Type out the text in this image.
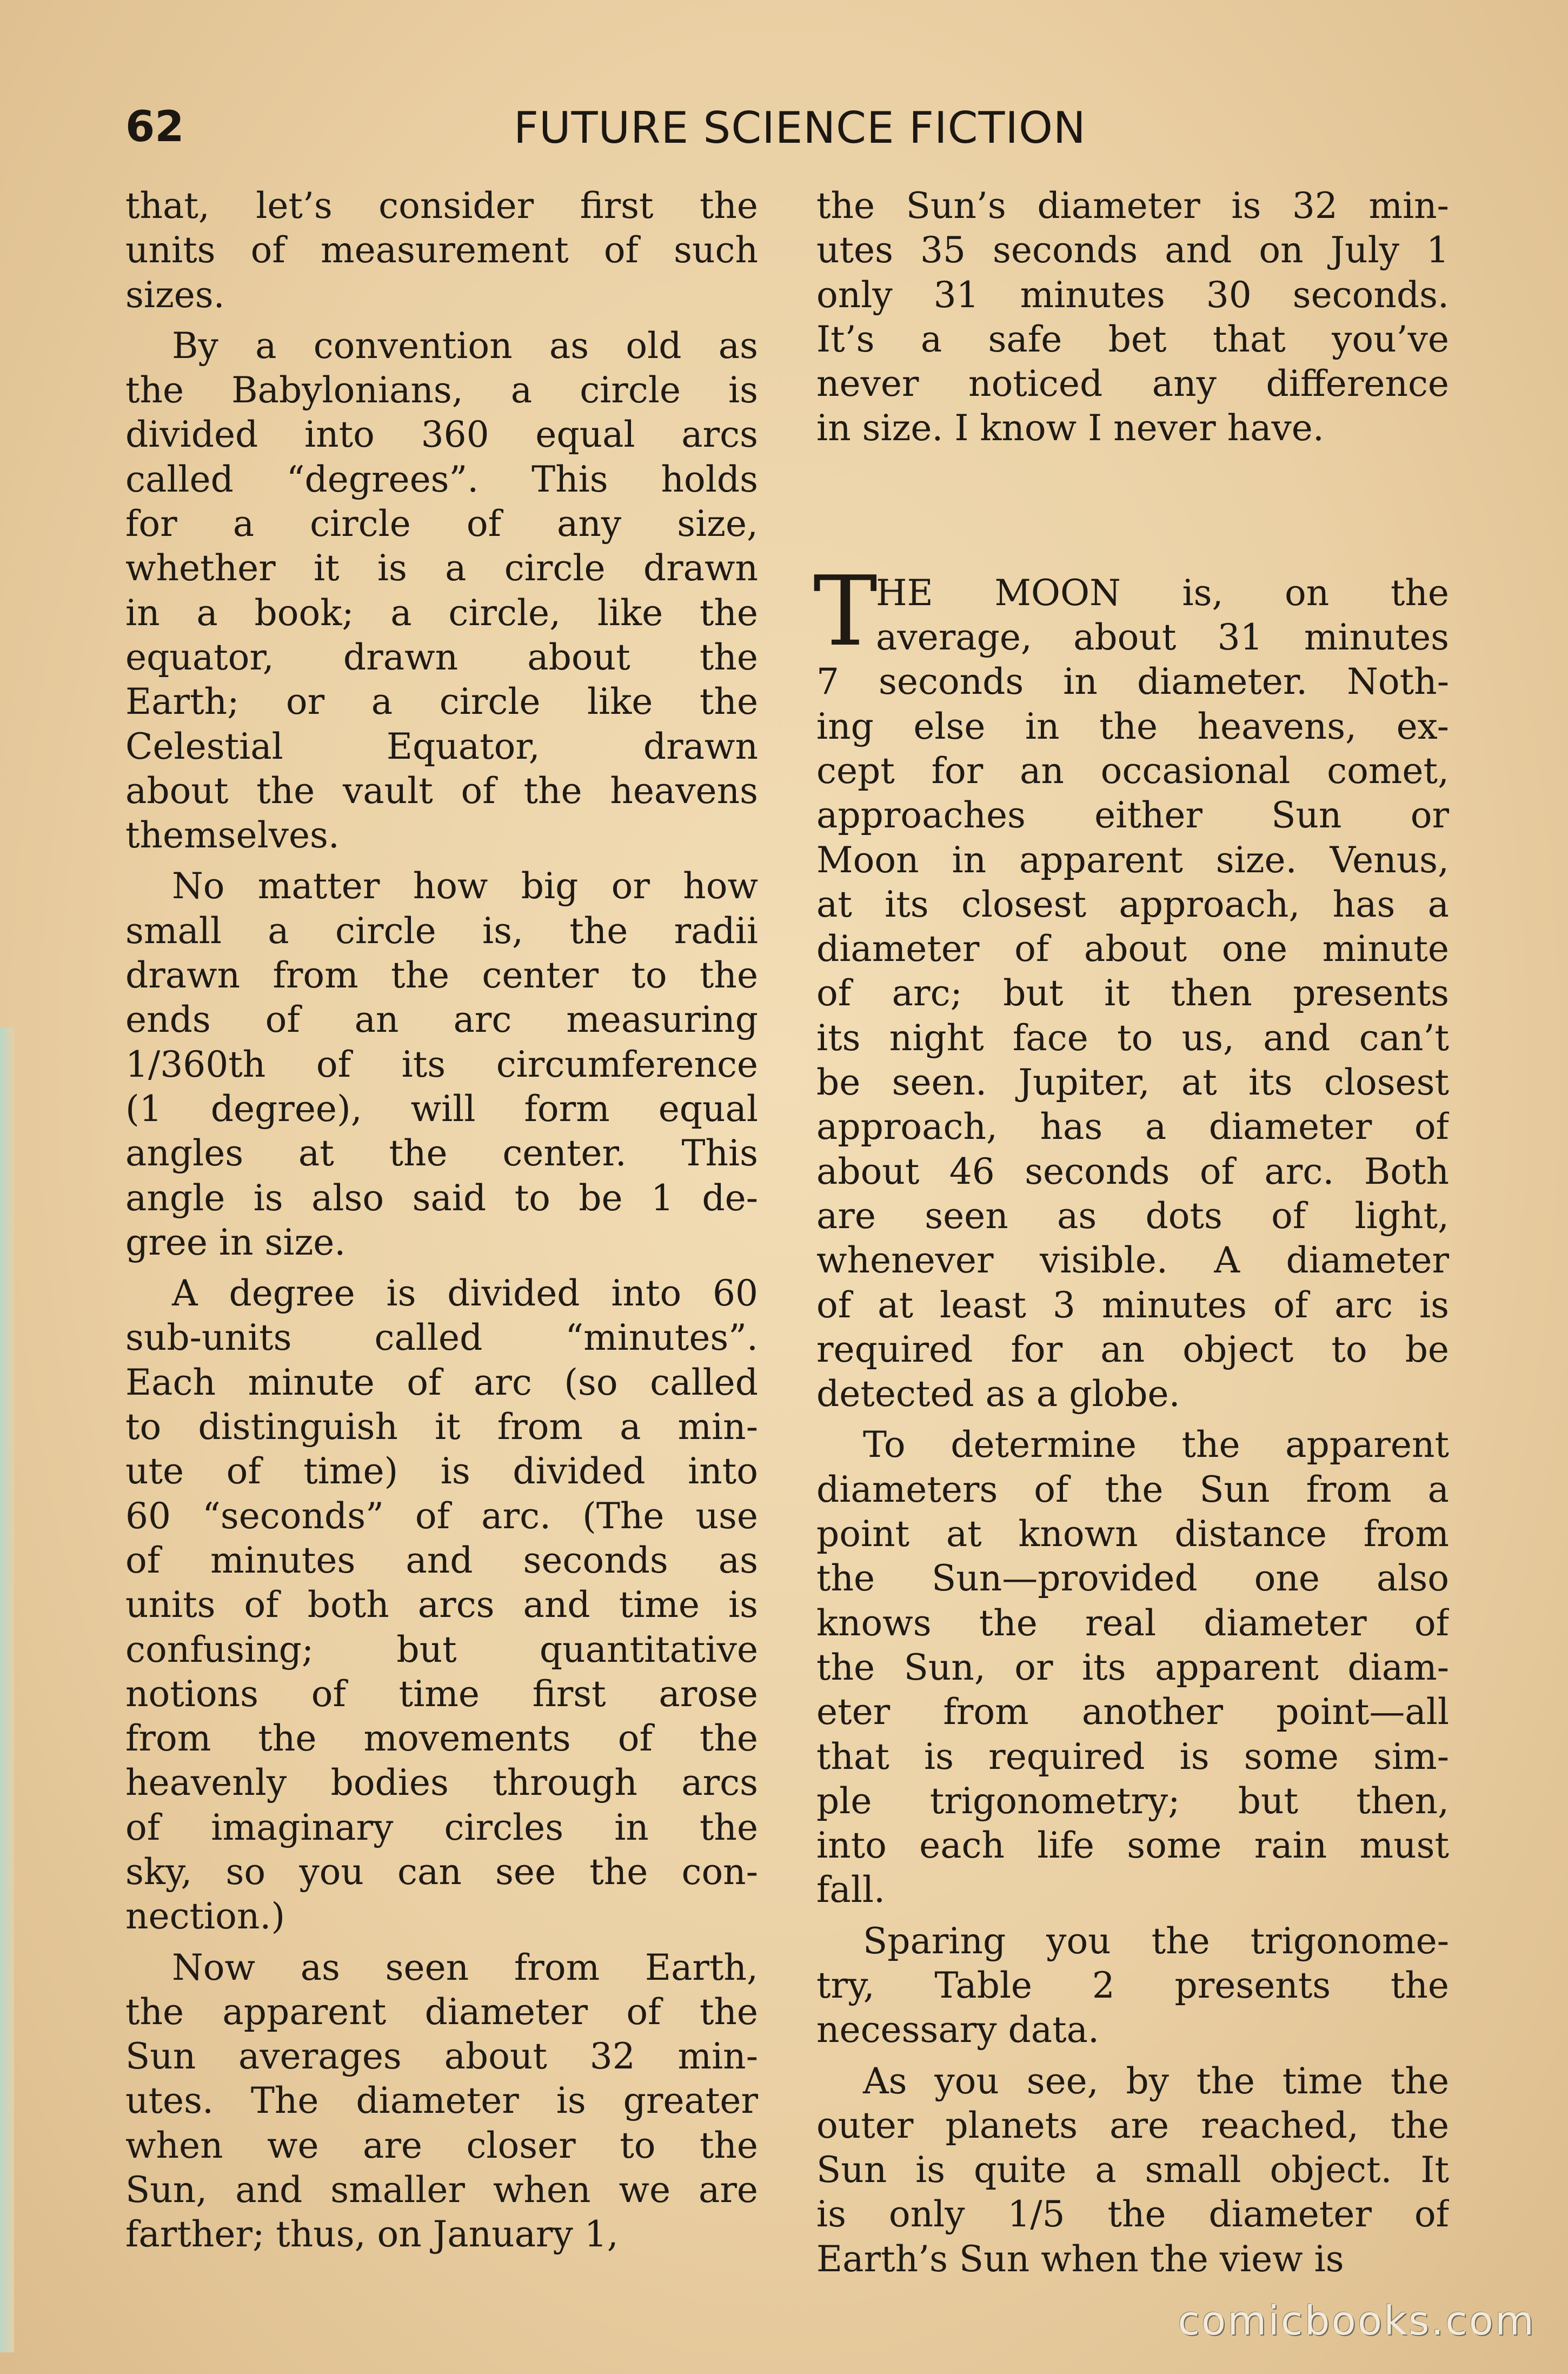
62	FUTURE SCIENCE FICTION
that, let’s consider first the
units of measurement of such
sizes.
By a convention as old as
the Babylonians, a circle is
divided into 360 equal arcs
called “degrees”. This holds
for a circle of any size,
whether it is a circle drawn
in a book; a circle, like the
equator, drawn about the
Earth; or a circle like the
Celestial Equator, drawn
about the vault of the heavens
themselves.
No matter how big or how
small a circle is, the radii
drawn from the center to the
ends of an arc measuring
1/360th of its circumference
(1 degree), will form equal
angles at the center. This
angle is also said to be 1 de-
gree in size.
A degree is divided into 60
sub-units called “minutes”.
Each minute of arc (so called
to distinguish it from a min-
ute of time) is divided into
60 “seconds” of arc. (The use
of minutes and seconds as
units of both arcs and time is
confusing; but quantitative
notions of time first arose
from the movements of the
heavenly bodies through arcs
of imaginary circles in the
sky, so you can see the con-
nection.)
Now as seen from Earth,
the apparent diameter of the
Sun averages about 32 min-
utes. The diameter is greater
when we are closer to the
Sun, and smaller when we are
farther; thus, on January 1,
the Sun’s diameter is 32 min-
utes 35 seconds and on July 1
only 31 minutes 30 seconds.
It’s a safe bet that you’ve
never noticed any difference
in size. I know I never have.
T
HE MOON is, on the
average, about 31 minutes
7 seconds in diameter. Noth-
ing else in the heavens, ex-
cept for an occasional comet,
approaches either Sun or
Moon in apparent size. Venus,
at its closest approach, has a
diameter of about one minute
of arc; but it then presents
its night face to us, and can’t
be seen. Jupiter, at its closest
approach, has a diameter of
about 46 seconds of arc. Both
are seen as dots of light,
whenever visible. A diameter
of at least 3 minutes of arc is
required for an object to be
detected as a globe.
To determine the apparent
diameters of the Sun from a
point at known distance from
the Sun—provided one also
knows the real diameter of
the Sun, or its apparent diam-
eter from another point—all
that is required is some sim-
ple trigonometry; but then,
into each life some rain must
fall.
Sparing you the trigonome-
try, Table 2 presents the
necessary data.
As you see, by the time the
outer planets are reached, the
Sun is quite a small object. It
is only 1/5 the diameter of
Earth’s Sun when the view is
comicbooks.com
